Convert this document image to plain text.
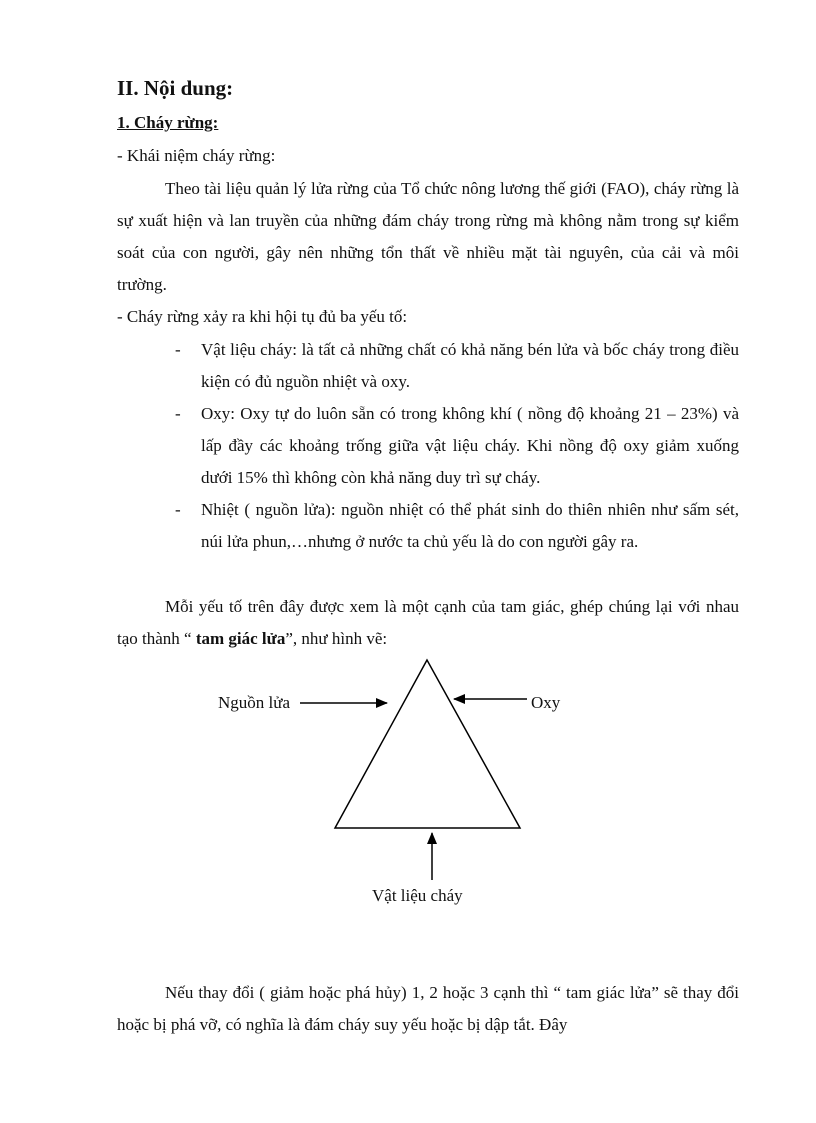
II. Nội dung:
1. Cháy rừng:
- Khái niệm cháy rừng:

Theo tài liệu quản lý lửa rừng của Tổ chức nông lương thế giới (FAO), cháy rừng là sự xuất hiện và lan truyền của những đám cháy trong rừng mà không nằm trong sự kiểm soát của con người, gây nên những tổn thất về nhiều mặt tài nguyên, của cải và môi trường.

- Cháy rừng xảy ra khi hội tụ đủ ba yếu tố:
- Vật liệu cháy: là tất cả những chất có khả năng bén lửa và bốc cháy trong điều kiện có đủ nguồn nhiệt và oxy.

- Oxy: Oxy tự do luôn sẵn có trong không khí ( nồng độ khoảng 21 – 23%) và lấp đầy các khoảng trống giữa vật liệu cháy. Khi nồng độ oxy giảm xuống dưới 15% thì không còn khả năng duy trì sự cháy.

- Nhiệt ( nguồn lửa): nguồn nhiệt có thể phát sinh do thiên nhiên như sấm sét, núi lửa phun,…nhưng ở nước ta chủ yếu là do con người gây ra.

Mỗi yếu tố trên đây được xem là một cạnh của tam giác, ghép chúng lại với nhau tạo thành “ tam giác lửa”, như hình vẽ:

Nếu thay đổi ( giảm hoặc phá hủy) 1, 2 hoặc 3 cạnh thì “ tam giác lửa” sẽ thay đổi hoặc bị phá vỡ, có nghĩa là đám cháy suy yếu hoặc bị dập tắt. Đây

Nguồn lửa	Oxy
Vật liệu cháy
